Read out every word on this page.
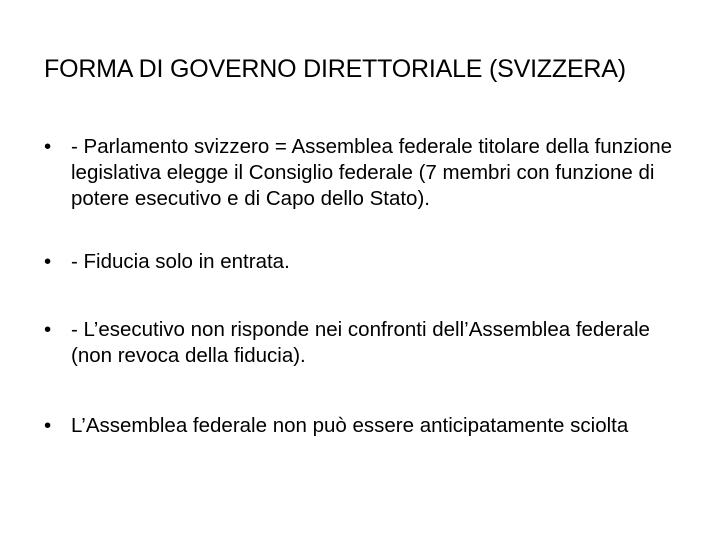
FORMA DI GOVERNO DIRETTORIALE (SVIZZERA)
• - Parlamento svizzero = Assemblea federale titolare della funzione legislativa elegge il Consiglio federale (7 membri con funzione di potere esecutivo e di Capo dello Stato).
• - Fiducia solo in entrata.
• - L’esecutivo non risponde nei confronti dell’Assemblea federale (non revoca della fiducia).
• L’Assemblea federale non può essere anticipatamente sciolta
